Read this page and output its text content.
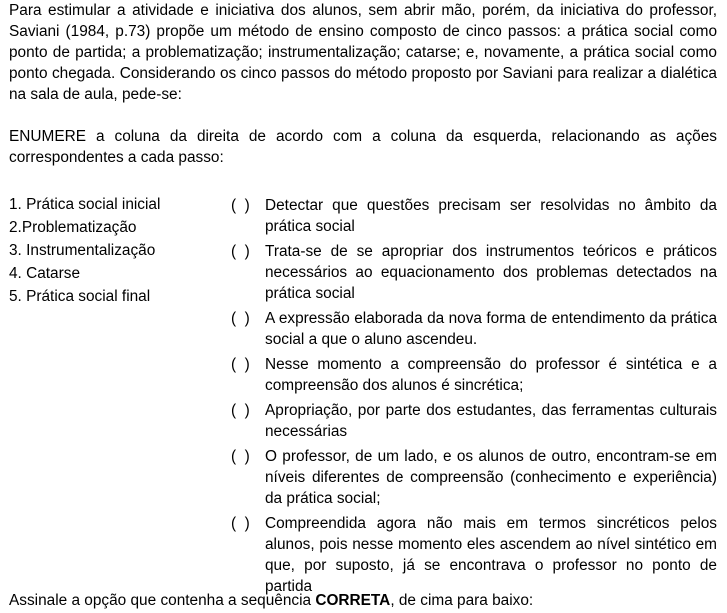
Para estimular a atividade e iniciativa dos alunos, sem abrir mão, porém, da iniciativa do professor, Saviani (1984, p.73) propõe um método de ensino composto de cinco passos: a prática social como ponto de partida; a problematização; instrumentalização; catarse; e, novamente, a prática social como ponto chegada. Considerando os cinco passos do método proposto por Saviani para realizar a dialética na sala de aula, pede-se:

ENUMERE a coluna da direita de acordo com a coluna da esquerda, relacionando as ações correspondentes a cada passo:

1. Prática social inicial
2.Problematização
3. Instrumentalização
4. Catarse
5. Prática social final
(  ) Detectar que questões precisam ser resolvidas no âmbito da prática social
(  ) Trata-se de se apropriar dos instrumentos teóricos e práticos necessários ao equacionamento dos problemas detectados na prática social
(  ) A expressão elaborada da nova forma de entendimento da prática social a que o aluno ascendeu.
(  ) Nesse momento a compreensão do professor é sintética e a compreensão dos alunos é sincrética;
(  ) Apropriação, por parte dos estudantes, das ferramentas culturais necessárias
(  ) O professor, de um lado, e os alunos de outro, encontram-se em níveis diferentes de compreensão (conhecimento e experiência) da prática social;
(  ) Compreendida agora não mais em termos sincréticos pelos alunos, pois nesse momento eles ascendem ao nível sintético em que, por suposto, já se encontrava o professor no ponto de partida

Assinale a opção que contenha a sequência CORRETA, de cima para baixo:
